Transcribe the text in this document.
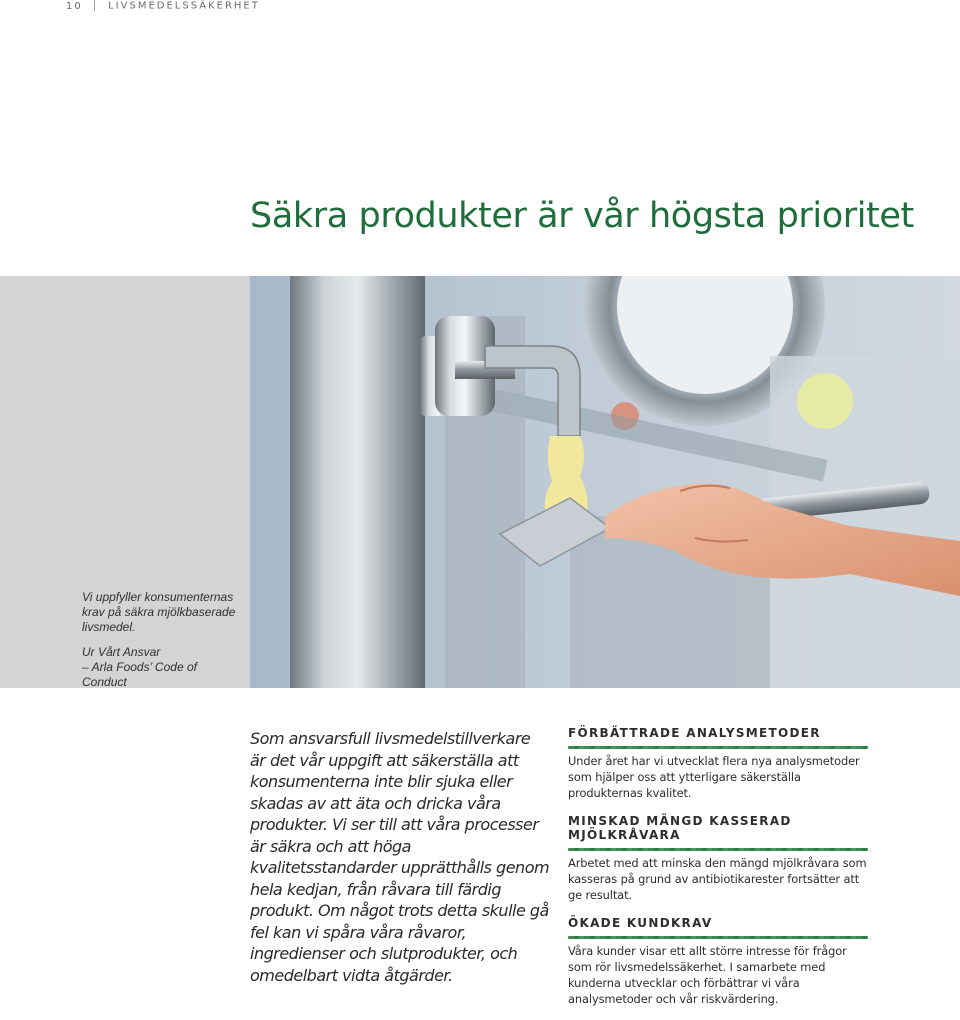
10	LIVSMEDELSSÄKERHET
Säkra produkter är vår högsta prioritet
Vi uppfyller konsumenternas krav på säkra mjölkbaserade livsmedel.
Ur Vårt Ansvar
– Arla Foods’ Code of Conduct
Som ansvarsfull livsmedelstillverkare är det vår uppgift att säkerställa att konsumenterna inte blir sjuka eller skadas av att äta och dricka våra produkter. Vi ser till att våra processer är säkra och att höga kvalitetsstandarder upprätthålls genom hela kedjan, från råvara till färdig produkt. Om något trots detta skulle gå fel kan vi spåra våra råvaror, ingredienser och slutprodukter, och omedelbart vidta åtgärder.
FÖRBÄTTRADE ANALYSMETODER

Under året har vi utvecklat flera nya analysmetoder som hjälper oss att ytterligare säkerställa produkternas kvalitet.

MINSKAD MÄNGD KASSERAD MJÖLKRÅVARA

Arbetet med att minska den mängd mjölkråvara som kasseras på grund av antibiotikarester fortsätter att ge resultat.

ÖKADE KUNDKRAV

Våra kunder visar ett allt större intresse för frågor som rör livsmedelssäkerhet. I samarbete med kunderna utvecklar och förbättrar vi våra analysmetoder och vår riskvärdering.
